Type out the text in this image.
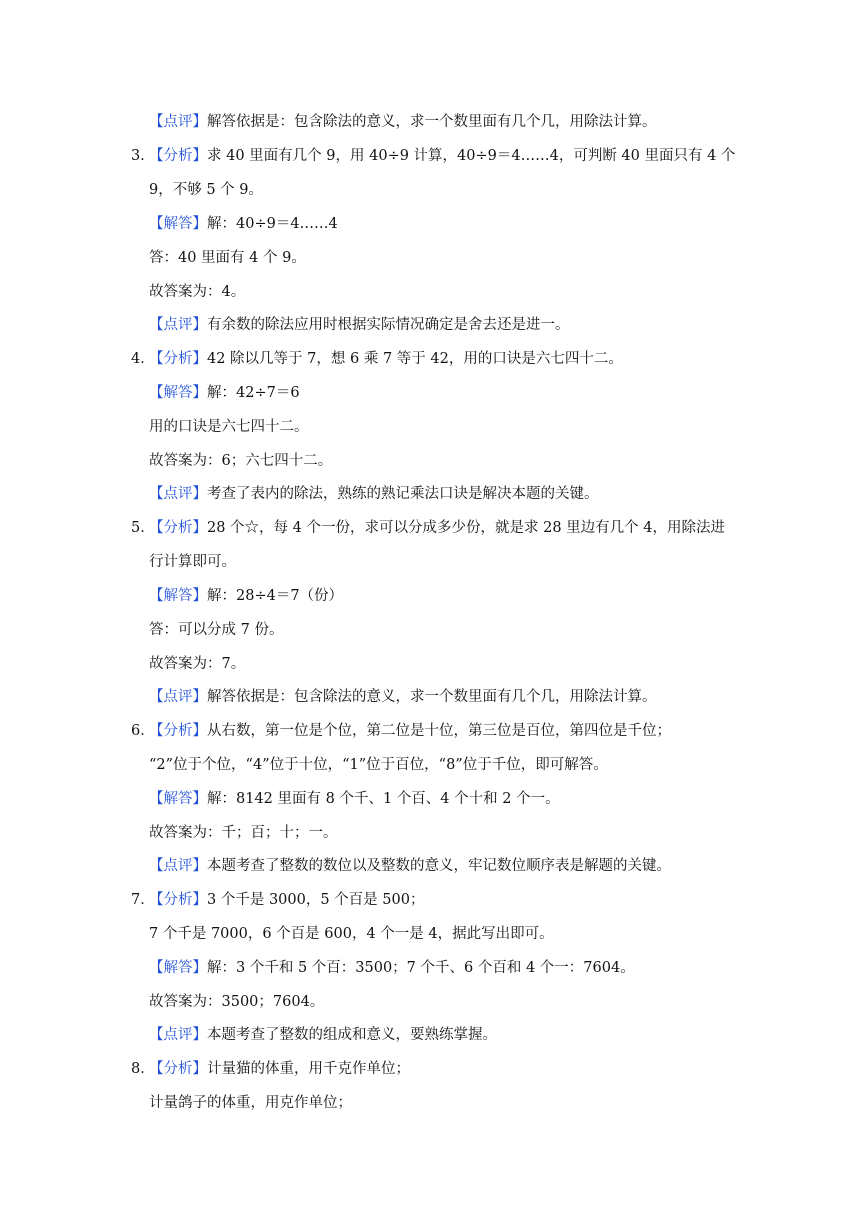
【点评】解答依据是：包含除法的意义，求一个数里面有几个几，用除法计算。
3．
【分析】求 40 里面有几个 9，用 40÷9 计算，40÷9＝4……4，可判断 40 里面只有 4 个
9，不够 5 个 9。
【解答】解：40÷9＝4……4
答：40 里面有 4 个 9。
故答案为：4。
【点评】有余数的除法应用时根据实际情况确定是舍去还是进一。
4．
【分析】42 除以几等于 7，想 6 乘 7 等于 42，用的口诀是六七四十二。
【解答】解：42÷7＝6
用的口诀是六七四十二。
故答案为：6；六七四十二。
【点评】考查了表内的除法，熟练的熟记乘法口诀是解决本题的关键。
5．
【分析】28 个☆，每 4 个一份，求可以分成多少份，就是求 28 里边有几个 4，用除法进
行计算即可。
【解答】解：28÷4＝7（份）
答：可以分成 7 份。
故答案为：7。
【点评】解答依据是：包含除法的意义，求一个数里面有几个几，用除法计算。
6．
【分析】从右数，第一位是个位，第二位是十位，第三位是百位，第四位是千位；
“2”位于个位，“4”位于十位，“1”位于百位，“8”位于千位，即可解答。
【解答】解：8142 里面有 8 个千、1 个百、4 个十和 2 个一。
故答案为：千；百；十；一。
【点评】本题考查了整数的数位以及整数的意义，牢记数位顺序表是解题的关键。
7．
【分析】3 个千是 3000，5 个百是 500；
7 个千是 7000，6 个百是 600，4 个一是 4，据此写出即可。
【解答】解：3 个千和 5 个百：3500；7 个千、6 个百和 4 个一：7604。
故答案为：3500；7604。
【点评】本题考查了整数的组成和意义，要熟练掌握。
8．
【分析】计量猫的体重，用千克作单位；
计量鸽子的体重，用克作单位；
